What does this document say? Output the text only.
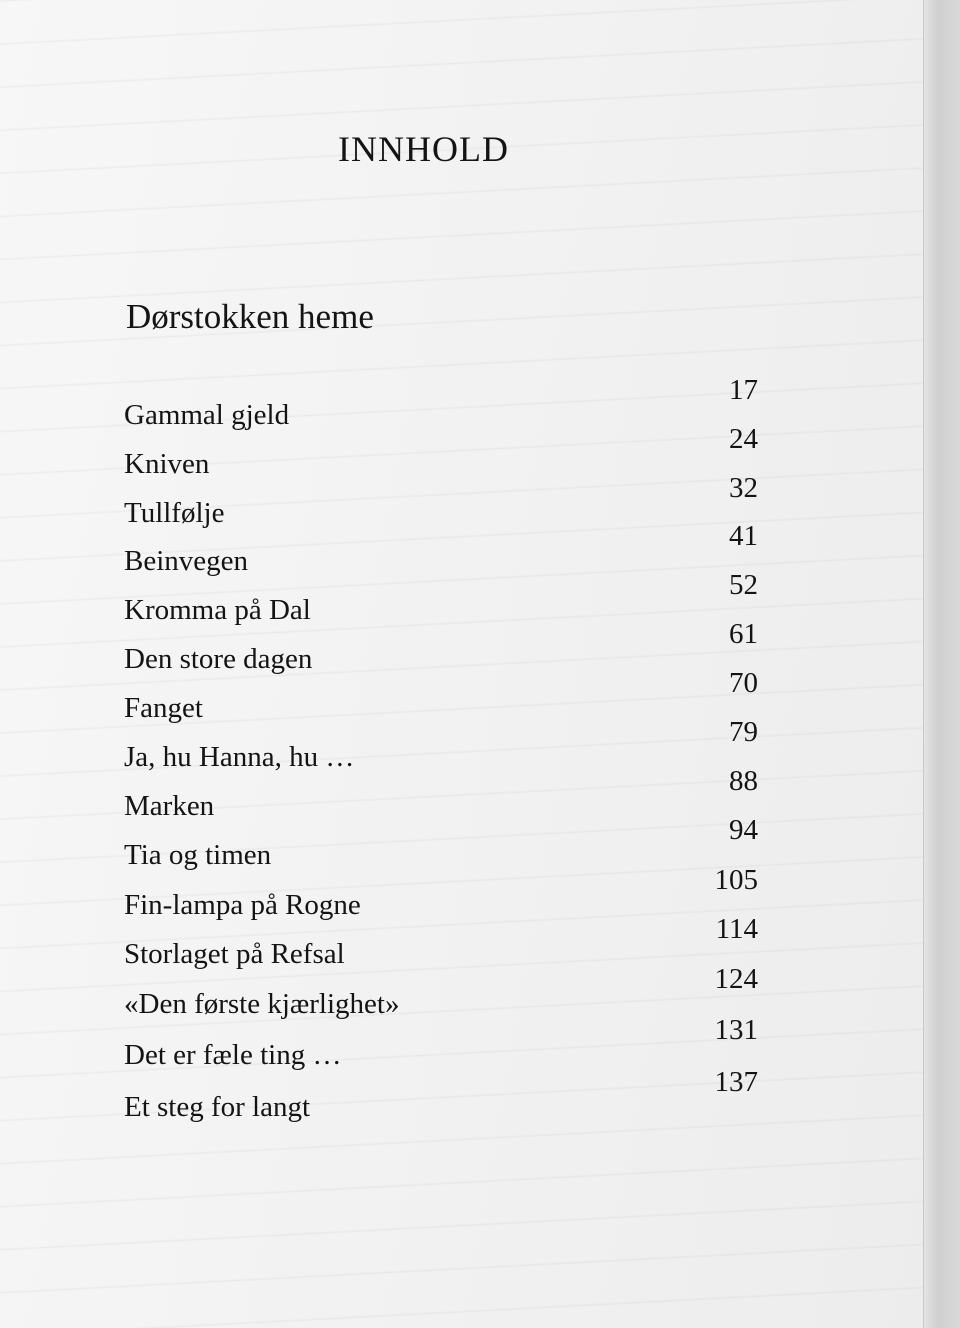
INNHOLD
Dørstokken heme
Gammal gjeld
17
Kniven
24
Tullfølje
32
Beinvegen
41
Kromma på Dal
52
Den store dagen
61
Fanget
70
Ja, hu Hanna, hu …
79
Marken
88
Tia og timen
94
Fin-lampa på Rogne
105
Storlaget på Refsal
114
«Den første kjærlighet»
124
Det er fæle ting …
131
Et steg for langt
137
